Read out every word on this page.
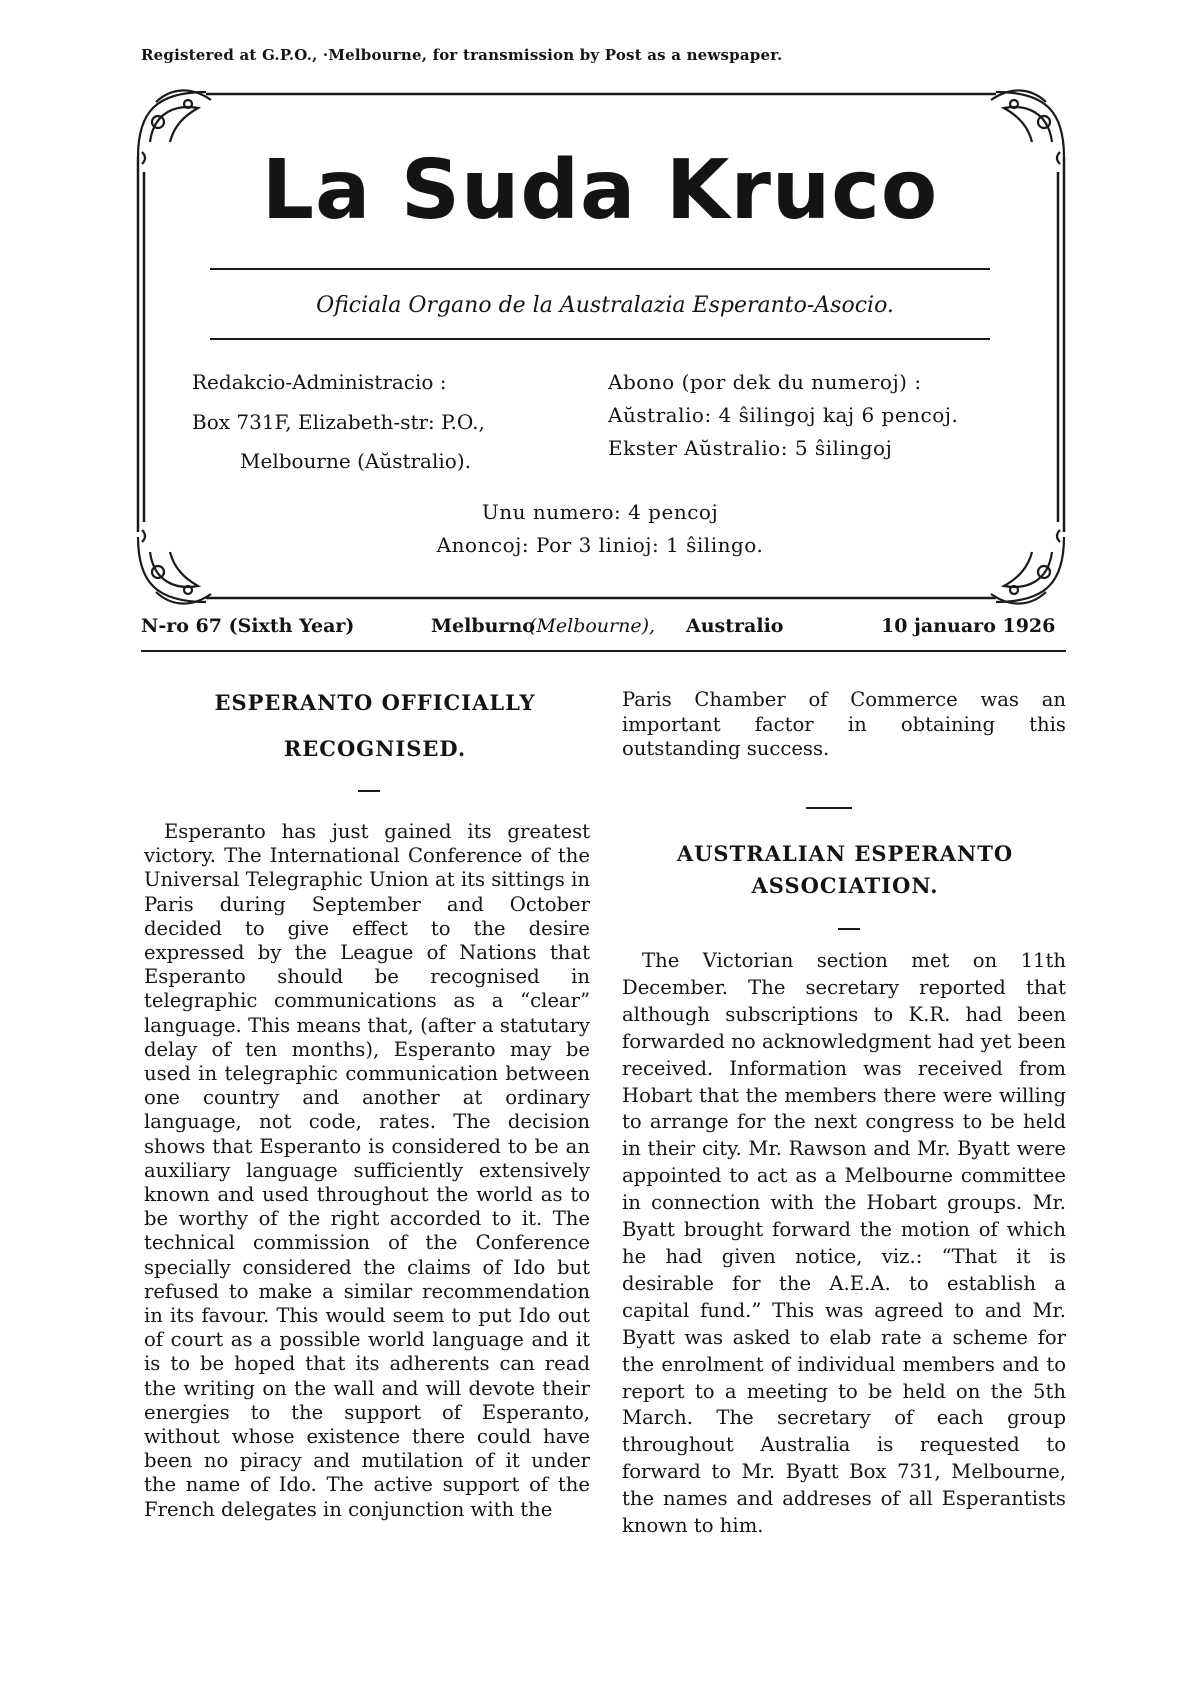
Registered at G.P.O., ·Melbourne, for transmission by Post as a newspaper.
La Suda Kruco
Oficiala Organo de la Australazia Esperanto-Asocio.
Redakcio-Administracio :
Box 731F, Elizabeth-str: P.O.,
Melbourne (Aŭstralio).
Abono (por dek du numeroj) :
Aŭstralio: 4 ŝilingoj kaj 6 pencoj.
Ekster Aŭstralio: 5 ŝilingoj
Unu numero: 4 pencoj
Anoncoj: Por 3 linioj: 1 ŝilingo.
N-ro 67 (Sixth Year)	Melburno
(Melbourne), Australio	10 januaro 1926
ESPERANTO OFFICIALLY
RECOGNISED.

Esperanto has just gained its greatest victory. The International Conference of the Universal Telegraphic Union at its sittings in Paris during September and October decided to give effect to the desire expressed by the League of Nations that Esperanto should be recognised in telegraphic communications as a “clear” language. This means that, (after a statutary delay of ten months), Esperanto may be used in telegraphic communication between one country and another at ordinary language, not code, rates. The decision shows that Esperanto is considered to be an auxiliary language sufficiently extensively known and used throughout the world as to be worthy of the right accorded to it. The technical commission of the Conference specially considered the claims of Ido but refused to make a similar recommendation in its favour. This would seem to put Ido out of court as a possible world language and it is to be hoped that its adherents can read the writing on the wall and will devote their energies to the support of Esperanto, without whose existence there could have been no piracy and mutilation of it under the name of Ido. The active support of the French delegates in conjunction with the

Paris Chamber of Commerce was an important factor in obtaining this outstanding success.

AUSTRALIAN ESPERANTO
ASSOCIATION.

The Victorian section met on 11th December. The secretary reported that although subscriptions to K.R. had been forwarded no acknowledgment had yet been received. Information was received from Hobart that the members there were willing to arrange for the next congress to be held in their city. Mr. Rawson and Mr. Byatt were appointed to act as a Melbourne committee in connection with the Hobart groups. Mr. Byatt brought forward the motion of which he had given notice, viz.: “That it is desirable for the A.E.A. to establish a capital fund.” This was agreed to and Mr. Byatt was asked to elab rate a scheme for the enrolment of individual members and to report to a meeting to be held on the 5th March. The secretary of each group throughout Australia is requested to forward to Mr. Byatt Box 731, Melbourne, the names and addreses of all Esperantists known to him.
